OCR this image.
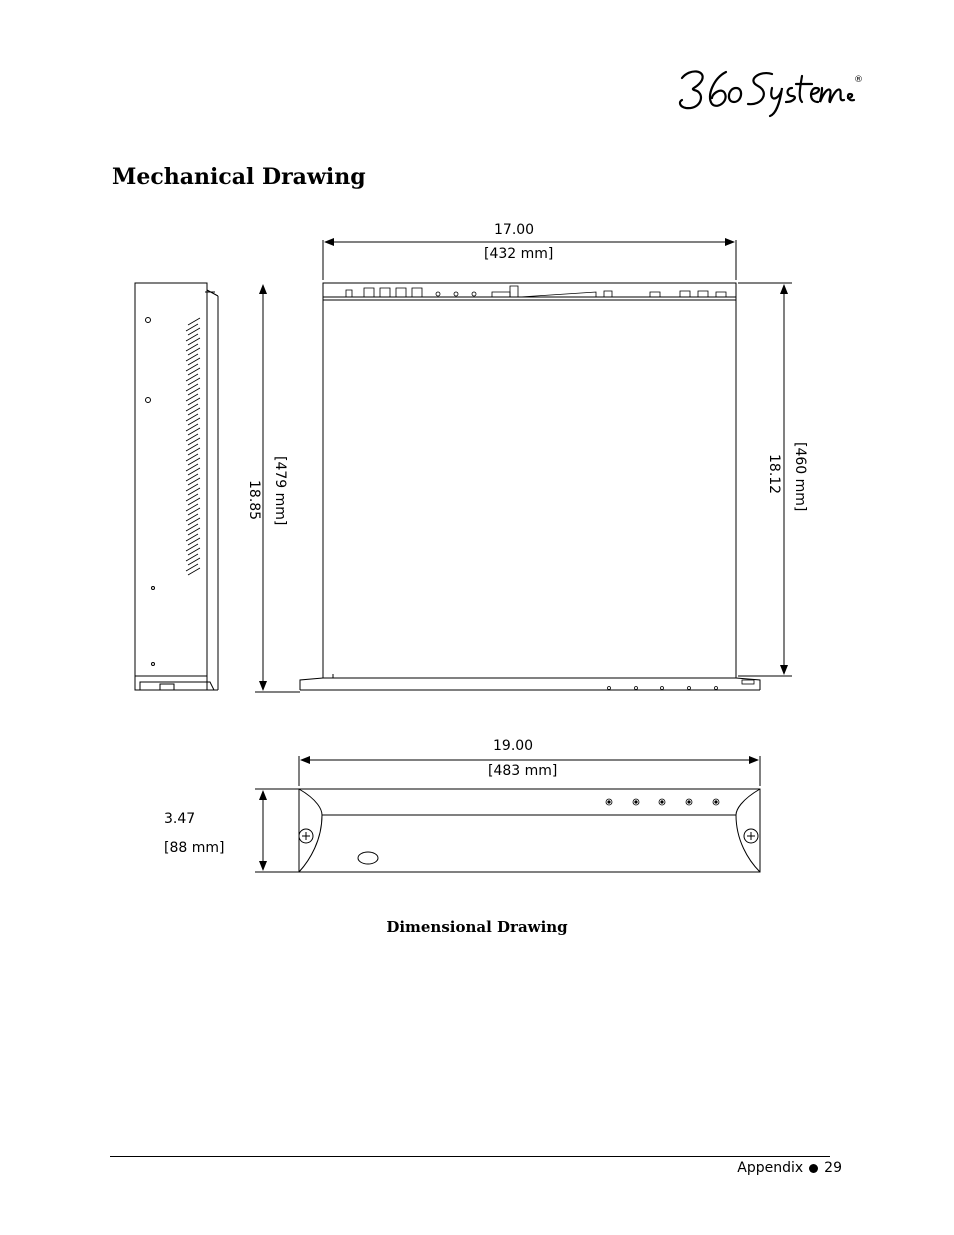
®
Mechanical Drawing
17.00
[432 mm]
18.85 [479 mm]	18.12 [460 mm]
19.00
[483 mm]
3.47
[88 mm]
Dimensional Drawing
Appendix 29
